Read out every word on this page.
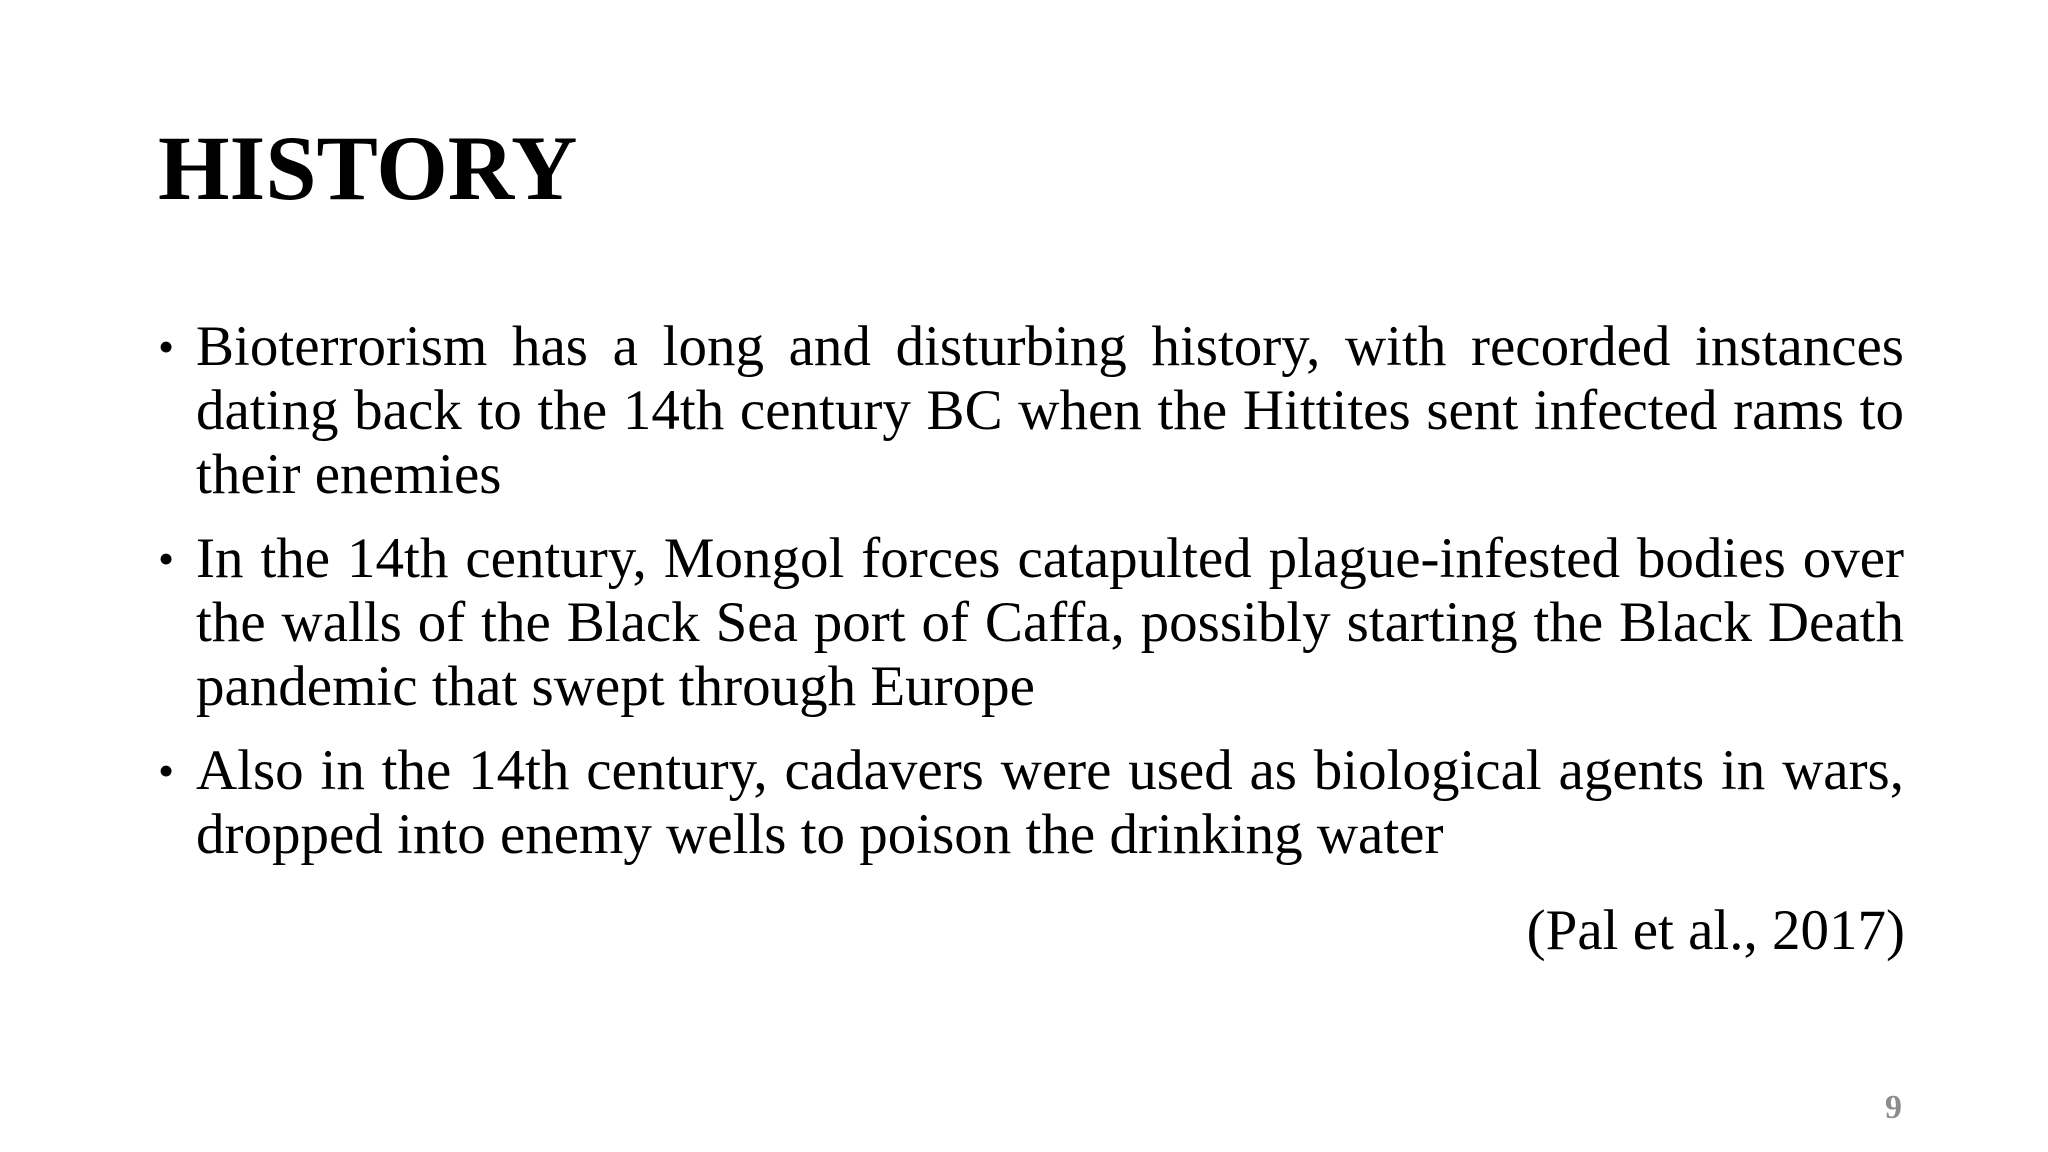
HISTORY
• Bioterrorism has a long and disturbing history, with recorded instances dating back to the 14th century BC when the Hittites sent infected rams to their enemies
• In the 14th century, Mongol forces catapulted plague-infested bodies over the walls of the Black Sea port of Caffa, possibly starting the Black Death pandemic that swept through Europe
• Also in the 14th century, cadavers were used as biological agents in wars, dropped into enemy wells to poison the drinking water

(Pal et al., 2017)

9
